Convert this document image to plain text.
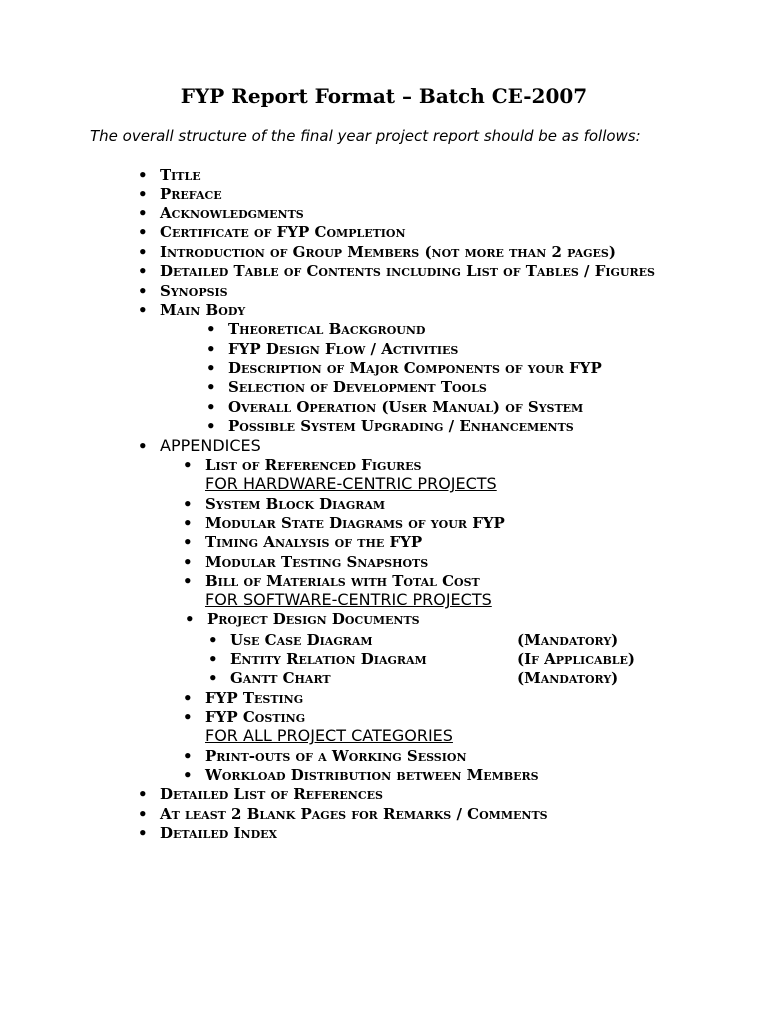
FYP Report Format – Batch CE-2007
The overall structure of the final year project report should be as follows:
• Title
• Preface
• Acknowledgments
• Certificate of FYP Completion
• Introduction of Group Members (not more than 2 pages)
• Detailed Table of Contents including List of Tables / Figures
• Synopsis
• Main Body
• Theoretical Background
• FYP Design Flow / Activities
• Description of Major Components of your FYP
• Selection of Development Tools
• Overall Operation (User Manual) of System
• Possible System Upgrading / Enhancements
• APPENDICES
• List of Referenced Figures
FOR HARDWARE-CENTRIC PROJECTS
• System Block Diagram
• Modular State Diagrams of your FYP
• Timing Analysis of the FYP
• Modular Testing Snapshots
• Bill of Materials with Total Cost
FOR SOFTWARE-CENTRIC PROJECTS
• Project Design Documents
• Use Case Diagram	(Mandatory)
• Entity Relation Diagram	(If Applicable)
• Gantt Chart	(Mandatory)
• FYP Testing
• FYP Costing
FOR ALL PROJECT CATEGORIES
• Print-outs of a Working Session
• Workload Distribution between Members
• Detailed List of References
• At least 2 Blank Pages for Remarks / Comments
• Detailed Index
